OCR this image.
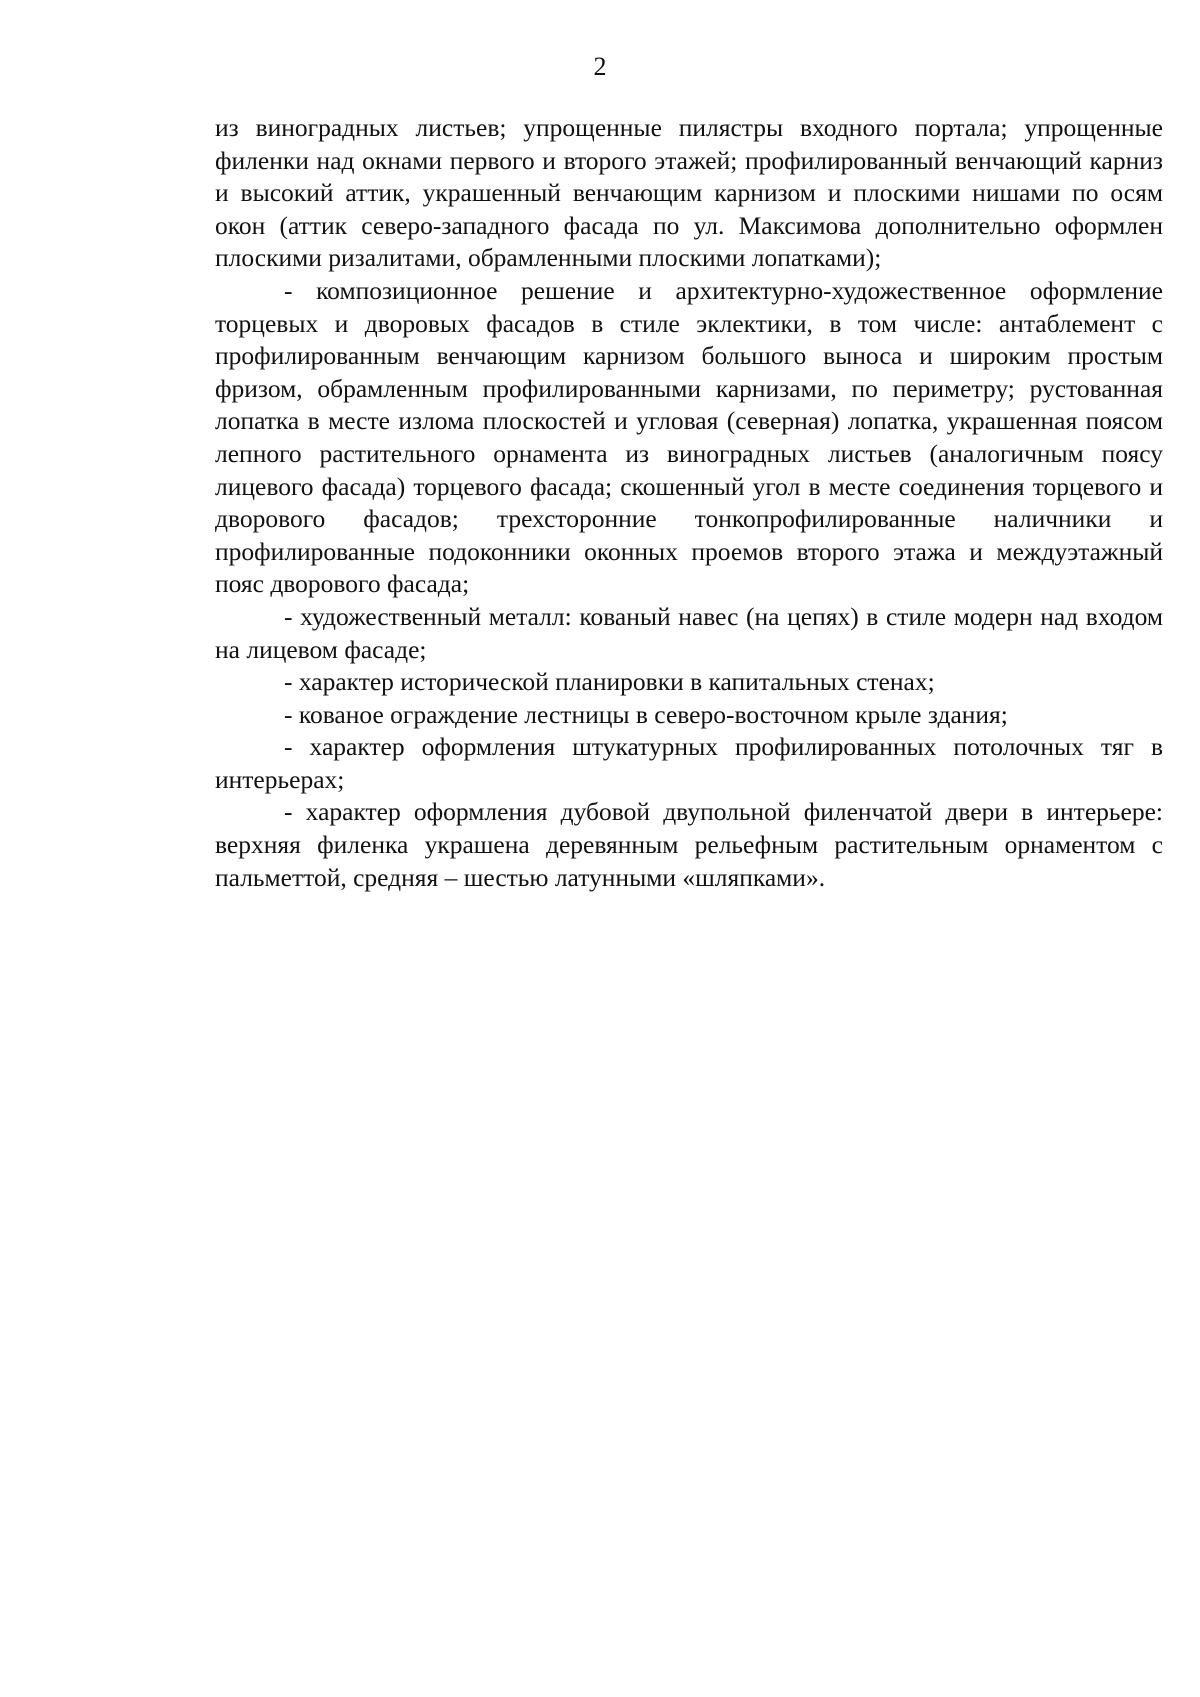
2

из виноградных листьев; упрощенные пилястры входного портала; упрощенные филенки над окнами первого и второго этажей; профилированный венчающий карниз и высокий аттик, украшенный венчающим карнизом и плоскими нишами по осям окон (аттик северо-западного фасада по ул. Максимова дополнительно оформлен плоскими ризалитами, обрамленными плоскими лопатками);

- композиционное решение и архитектурно-художественное оформление торцевых и дворовых фасадов в стиле эклектики, в том числе: антаблемент с профилированным венчающим карнизом большого выноса и широким простым фризом, обрамленным профилированными карнизами, по периметру; рустованная лопатка в месте излома плоскостей и угловая (северная) лопатка, украшенная поясом лепного растительного орнамента из виноградных листьев (аналогичным поясу лицевого фасада) торцевого фасада; скошенный угол в месте соединения торцевого и дворового фасадов; трехсторонние тонкопрофилированные наличники и профилированные подоконники оконных проемов второго этажа и междуэтажный пояс дворового фасада;

- художественный металл: кованый навес (на цепях) в стиле модерн над входом на лицевом фасаде;

- характер исторической планировки в капитальных стенах;

- кованое ограждение лестницы в северо-восточном крыле здания;

- характер оформления штукатурных профилированных потолочных тяг в интерьерах;

- характер оформления дубовой двупольной филенчатой двери в интерьере: верхняя филенка украшена деревянным рельефным растительным орнаментом с пальметтой, средняя – шестью латунными «шляпками».
